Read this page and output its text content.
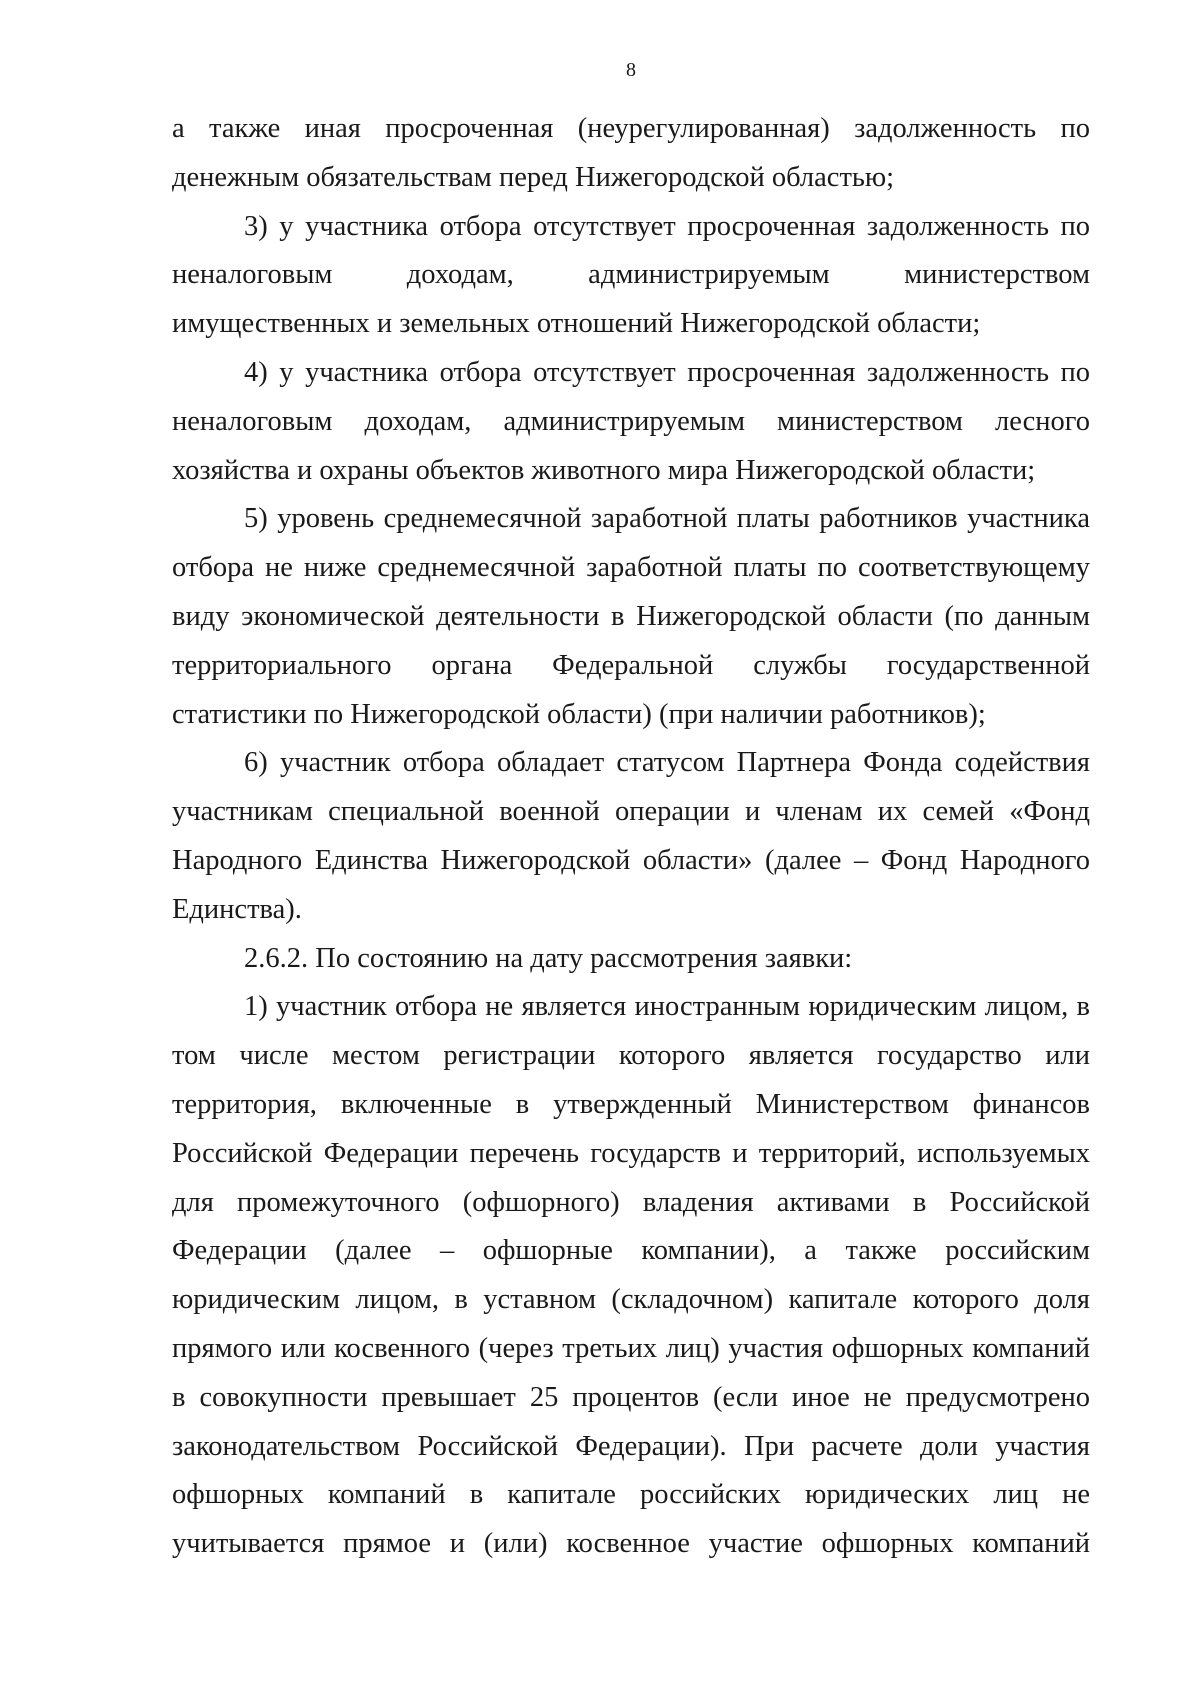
8

а также иная просроченная (неурегулированная) задолженность по денежным обязательствам перед Нижегородской областью;

3) у участника отбора отсутствует просроченная задолженность по неналоговым доходам, администрируемым министерством имущественных и земельных отношений Нижегородской области;

4) у участника отбора отсутствует просроченная задолженность по неналоговым доходам, администрируемым министерством лесного хозяйства и охраны объектов животного мира Нижегородской области;

5) уровень среднемесячной заработной платы работников участника отбора не ниже среднемесячной заработной платы по соответствующему виду экономической деятельности в Нижегородской области (по данным территориального органа Федеральной службы государственной статистики по Нижегородской области) (при наличии работников);

6) участник отбора обладает статусом Партнера Фонда содействия участникам специальной военной операции и членам их семей «Фонд Народного Единства Нижегородской области» (далее – Фонд Народного Единства).

2.6.2. По состоянию на дату рассмотрения заявки:

1) участник отбора не является иностранным юридическим лицом, в том числе местом регистрации которого является государство или территория, включенные в утвержденный Министерством финансов Российской Федерации перечень государств и территорий, используемых для промежуточного (офшорного) владения активами в Российской Федерации (далее – офшорные компании), а также российским юридическим лицом, в уставном (складочном) капитале которого доля прямого или косвенного (через третьих лиц) участия офшорных компаний в совокупности превышает 25 процентов (если иное не предусмотрено законодательством Российской Федерации). При расчете доли участия офшорных компаний в капитале российских юридических лиц не учитывается прямое и (или) косвенное участие офшорных компаний
